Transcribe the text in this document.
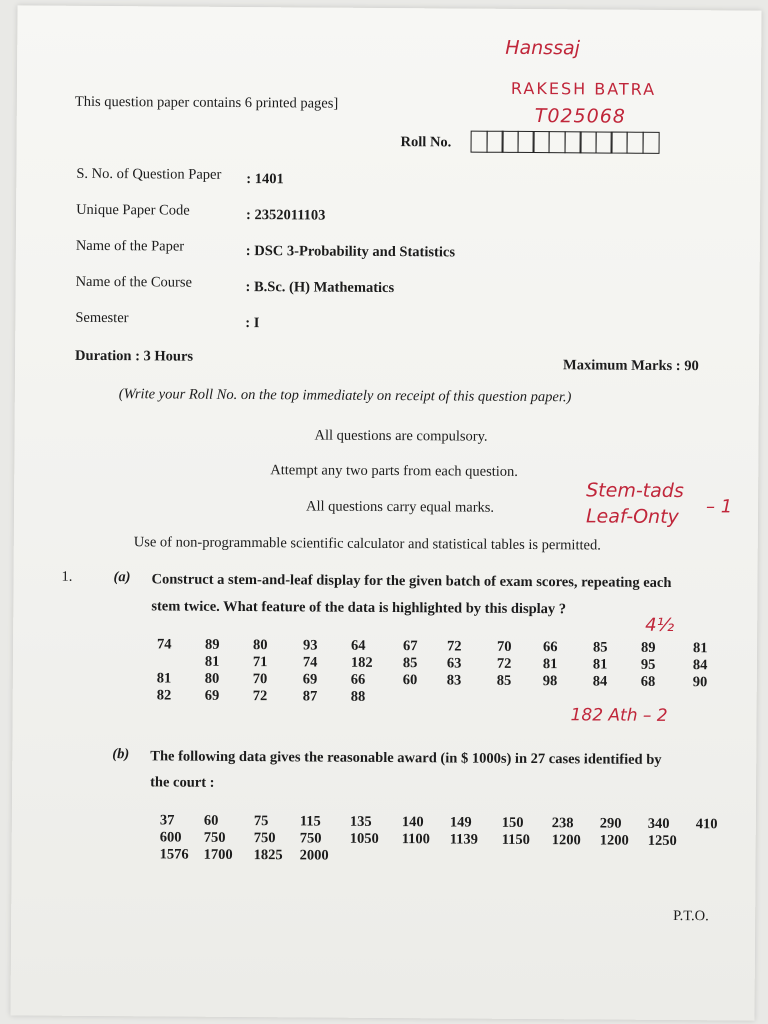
Hanssaj
RAKESH BATRA
T025068
This question paper contains 6 printed pages]
Roll No.
S. No. of Question Paper : 1401
Unique Paper Code	: 2352011103
Name of the Paper	: DSC 3-Probability and Statistics
Name of the Course	: B.Sc. (H) Mathematics
Semester	: I
Duration : 3 Hours
Maximum Marks : 90
(Write your Roll No. on the top immediately on receipt of this question paper.)
All questions are compulsory.
Attempt any two parts from each question.
All questions carry equal marks.
Stem-tads
Leaf-Onty – 1
Use of non-programmable scientific calculator and statistical tables is permitted.
1.	(a) Construct a stem-and-leaf display for the given batch of exam scores, repeating each
stem twice. What feature of the data is highlighted by this display ?
4½
74	89	80	93	64	67	72	70	66	85	89	81
	81	71	74	182	85	63	72	81	81	95	84
81	80	70	69	66	60	83	85	98	84	68	90
82	69	72	87	88							
182 Ath – 2
(b) The following data gives the reasonable award (in $ 1000s) in 27 cases identified by
the court :
37	60	75	115	135	140	149	150	238	290	340	410
600	750	750	750	1050	1100	1139	1150	1200	1200	1250	
1576	1700	1825	2000								
P.T.O.
